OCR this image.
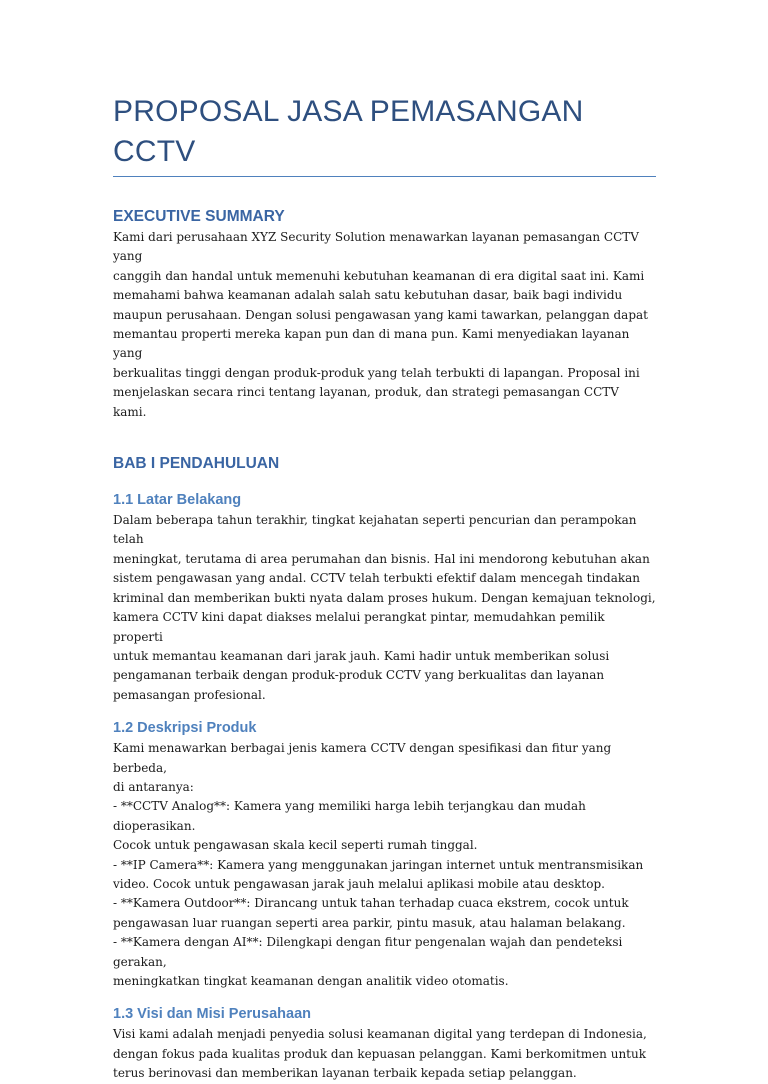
PROPOSAL JASA PEMASANGAN CCTV
EXECUTIVE SUMMARY

Kami dari perusahaan XYZ Security Solution menawarkan layanan pemasangan CCTV yang
canggih dan handal untuk memenuhi kebutuhan keamanan di era digital saat ini. Kami
memahami bahwa keamanan adalah salah satu kebutuhan dasar, baik bagi individu
maupun perusahaan. Dengan solusi pengawasan yang kami tawarkan, pelanggan dapat
memantau properti mereka kapan pun dan di mana pun. Kami menyediakan layanan yang
berkualitas tinggi dengan produk-produk yang telah terbukti di lapangan. Proposal ini
menjelaskan secara rinci tentang layanan, produk, dan strategi pemasangan CCTV kami.

BAB I PENDAHULUAN
1.1 Latar Belakang

Dalam beberapa tahun terakhir, tingkat kejahatan seperti pencurian dan perampokan telah
meningkat, terutama di area perumahan dan bisnis. Hal ini mendorong kebutuhan akan
sistem pengawasan yang andal. CCTV telah terbukti efektif dalam mencegah tindakan
kriminal dan memberikan bukti nyata dalam proses hukum. Dengan kemajuan teknologi,
kamera CCTV kini dapat diakses melalui perangkat pintar, memudahkan pemilik properti
untuk memantau keamanan dari jarak jauh. Kami hadir untuk memberikan solusi
pengamanan terbaik dengan produk-produk CCTV yang berkualitas dan layanan
pemasangan profesional.

1.2 Deskripsi Produk

Kami menawarkan berbagai jenis kamera CCTV dengan spesifikasi dan fitur yang berbeda,
di antaranya:
- **CCTV Analog**: Kamera yang memiliki harga lebih terjangkau dan mudah dioperasikan.
Cocok untuk pengawasan skala kecil seperti rumah tinggal.
- **IP Camera**: Kamera yang menggunakan jaringan internet untuk mentransmisikan
video. Cocok untuk pengawasan jarak jauh melalui aplikasi mobile atau desktop.
- **Kamera Outdoor**: Dirancang untuk tahan terhadap cuaca ekstrem, cocok untuk
pengawasan luar ruangan seperti area parkir, pintu masuk, atau halaman belakang.
- **Kamera dengan AI**: Dilengkapi dengan fitur pengenalan wajah dan pendeteksi gerakan,
meningkatkan tingkat keamanan dengan analitik video otomatis.

1.3 Visi dan Misi Perusahaan

Visi kami adalah menjadi penyedia solusi keamanan digital yang terdepan di Indonesia,
dengan fokus pada kualitas produk dan kepuasan pelanggan. Kami berkomitmen untuk
terus berinovasi dan memberikan layanan terbaik kepada setiap pelanggan.
